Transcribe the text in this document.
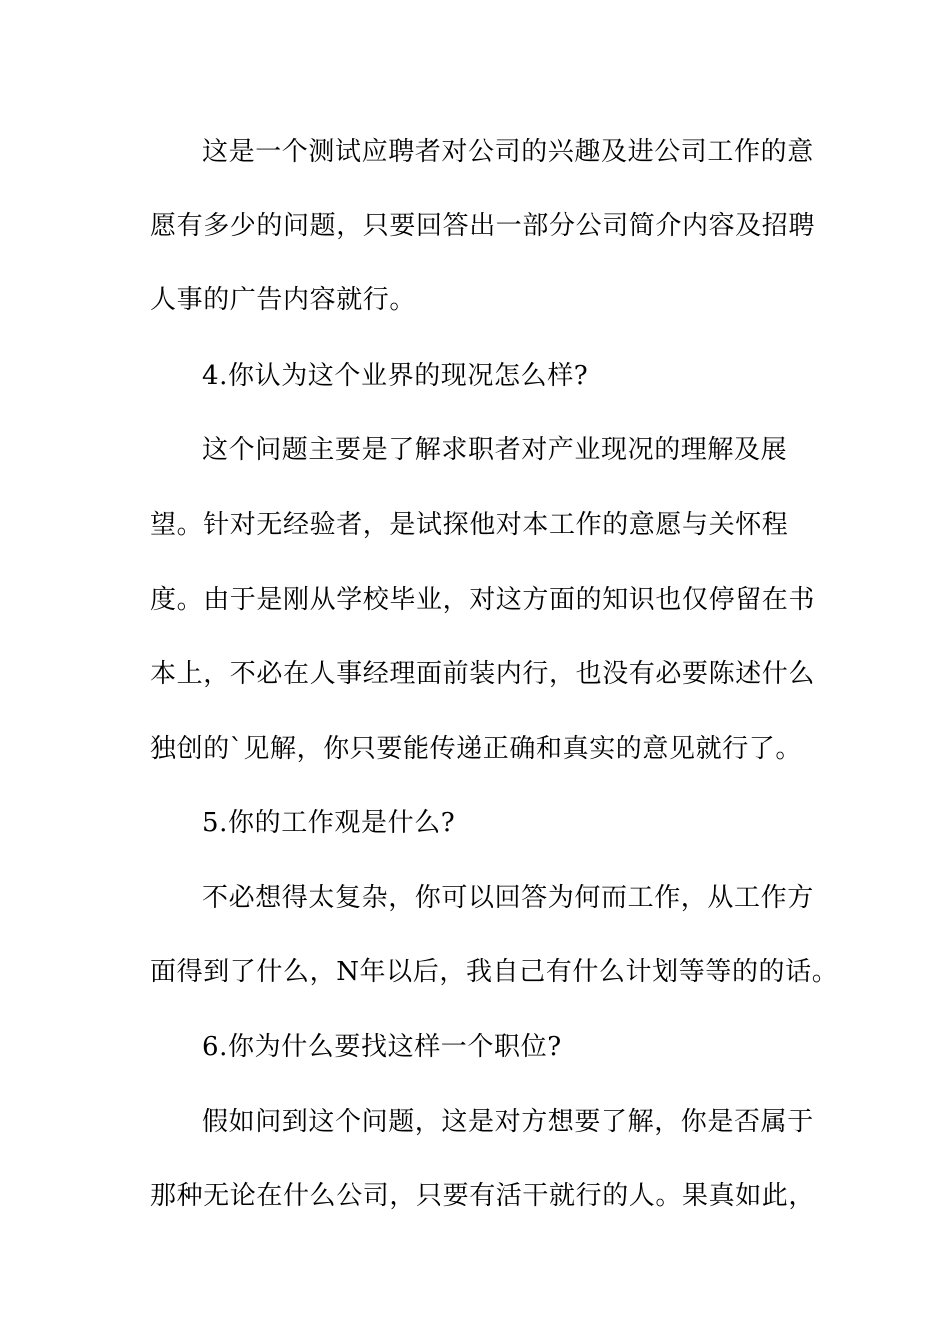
这是一个测试应聘者对公司的兴趣及进公司工作的意
愿有多少的问题，只要回答出一部分公司简介内容及招聘
人事的广告内容就行。
4.你认为这个业界的现况怎么样?
这个问题主要是了解求职者对产业现况的理解及展
望。针对无经验者，是试探他对本工作的意愿与关怀程
度。由于是刚从学校毕业，对这方面的知识也仅停留在书
本上，不必在人事经理面前装内行，也没有必要陈述什么
独创的`见解，你只要能传递正确和真实的意见就行了。
5.你的工作观是什么?
不必想得太复杂，你可以回答为何而工作，从工作方
面得到了什么，N年以后，我自己有什么计划等等的的话。
6.你为什么要找这样一个职位?
假如问到这个问题，这是对方想要了解，你是否属于
那种无论在什么公司，只要有活干就行的人。果真如此，
